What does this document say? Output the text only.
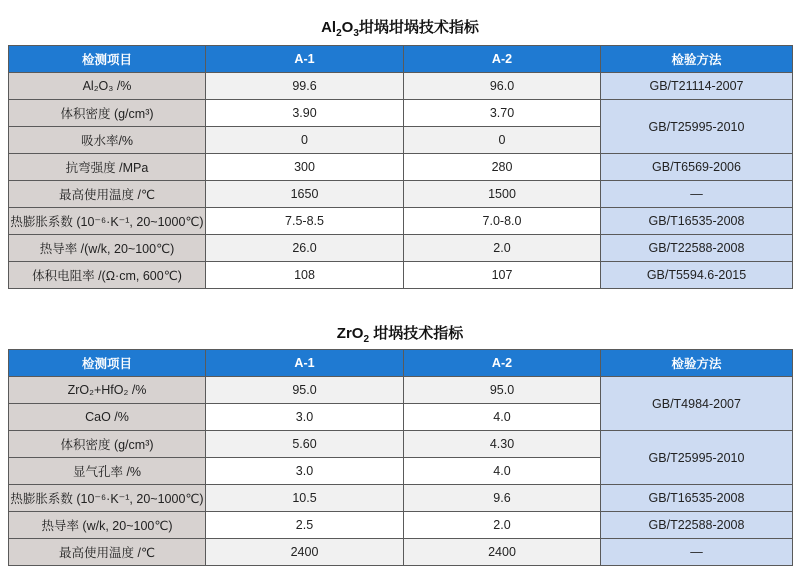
$Al_2O_3$坩埚坩埚技术指标
检测项目	A-1	A-2	检验方法
Al₂O₃ /%	99.6	96.0	GB/T21114-2007
体积密度 (g/cm³)	3.90	3.70	GB/T25995-2010
吸水率/%	0	0	
抗弯强度 /MPa	300	280	GB/T6569-2006
最高使用温度 /℃	1650	1500	—
热膨胀系数 (10⁻⁶·K⁻¹, 20~1000℃)	7.5-8.5	7.0-8.0	GB/T16535-2008
热导率 /(w/k, 20~100℃)	26.0	2.0	GB/T22588-2008
体积电阻率 /(Ω·cm, 600℃)	108	107	GB/T5594.6-2015
ZrO$_2$ 坩埚技术指标
检测项目	A-1	A-2	检验方法
ZrO₂+HfO₂ /%	95.0	95.0	GB/T4984-2007
CaO /%	3.0	4.0	
体积密度 (g/cm³)	5.60	4.30	GB/T25995-2010
显气孔率 /%	3.0	4.0	
热膨胀系数 (10⁻⁶·K⁻¹, 20~1000℃)	10.5	9.6	GB/T16535-2008
热导率 (w/k, 20~100℃)	2.5	2.0	GB/T22588-2008
最高使用温度 /℃	2400	2400	—
